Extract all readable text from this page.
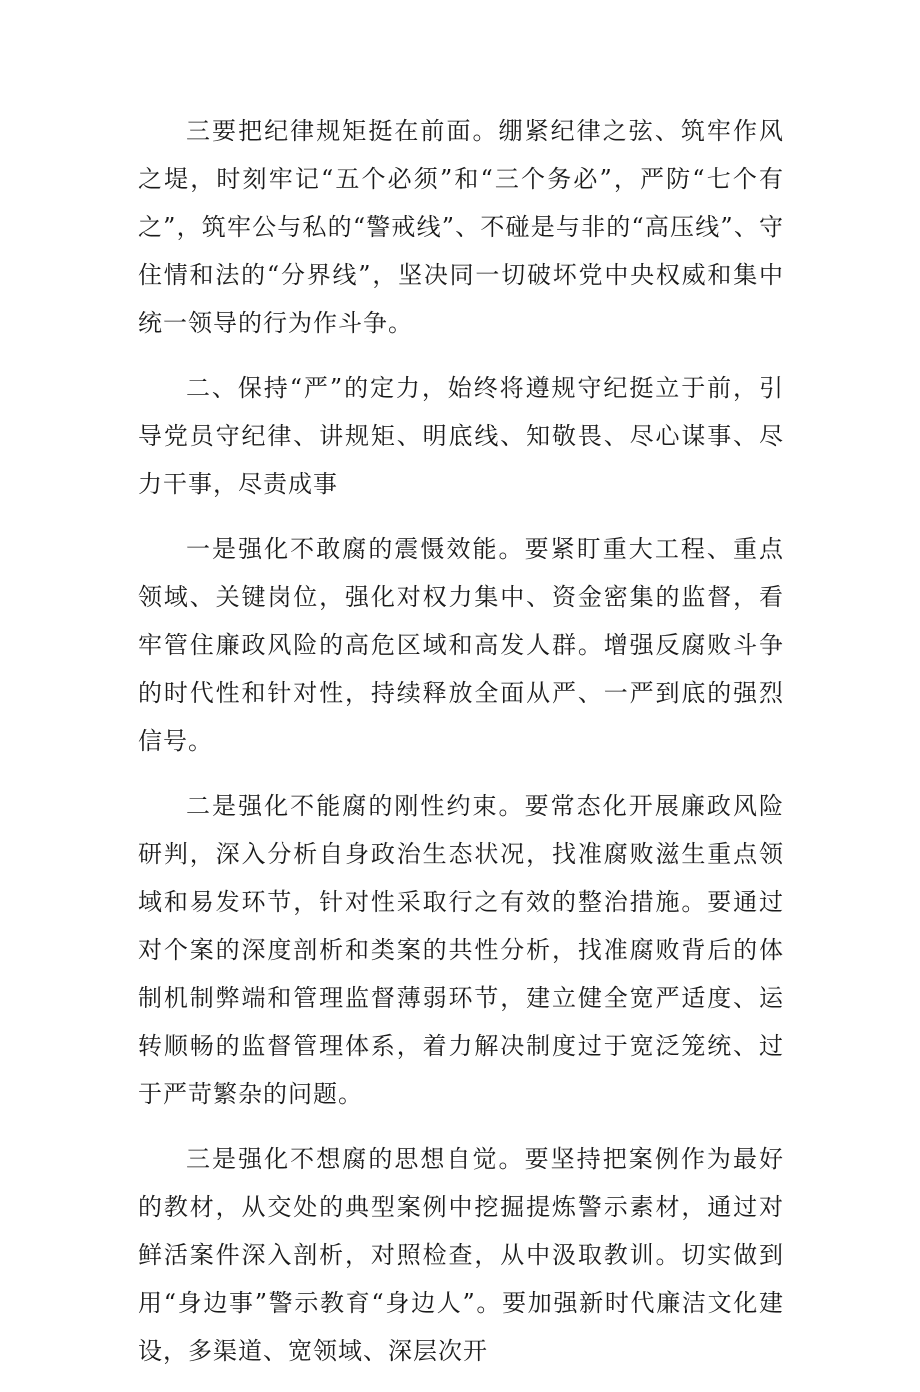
三要把纪律规矩挺在前面。绷紧纪律之弦、筑牢作风之堤，时刻牢记“五个必须”和“三个务必”，严防“七个有之”，筑牢公与私的“警戒线”、不碰是与非的“高压线”、守住情和法的“分界线”，坚决同一切破坏党中央权威和集中统一领导的行为作斗争。

二、保持“严”的定力，始终将遵规守纪挺立于前，引导党员守纪律、讲规矩、明底线、知敬畏、尽心谋事、尽力干事，尽责成事

一是强化不敢腐的震慑效能。要紧盯重大工程、重点领域、关键岗位，强化对权力集中、资金密集的监督，看牢管住廉政风险的高危区域和高发人群。增强反腐败斗争的时代性和针对性，持续释放全面从严、一严到底的强烈信号。

二是强化不能腐的刚性约束。要常态化开展廉政风险研判，深入分析自身政治生态状况，找准腐败滋生重点领域和易发环节，针对性采取行之有效的整治措施。要通过对个案的深度剖析和类案的共性分析，找准腐败背后的体制机制弊端和管理监督薄弱环节，建立健全宽严适度、运转顺畅的监督管理体系，着力解决制度过于宽泛笼统、过于严苛繁杂的问题。

三是强化不想腐的思想自觉。要坚持把案例作为最好的教材，从交处的典型案例中挖掘提炼警示素材，通过对鲜活案件深入剖析，对照检查，从中汲取教训。切实做到用“身边事”警示教育“身边人”。要加强新时代廉洁文化建设，多渠道、宽领域、深层次开
